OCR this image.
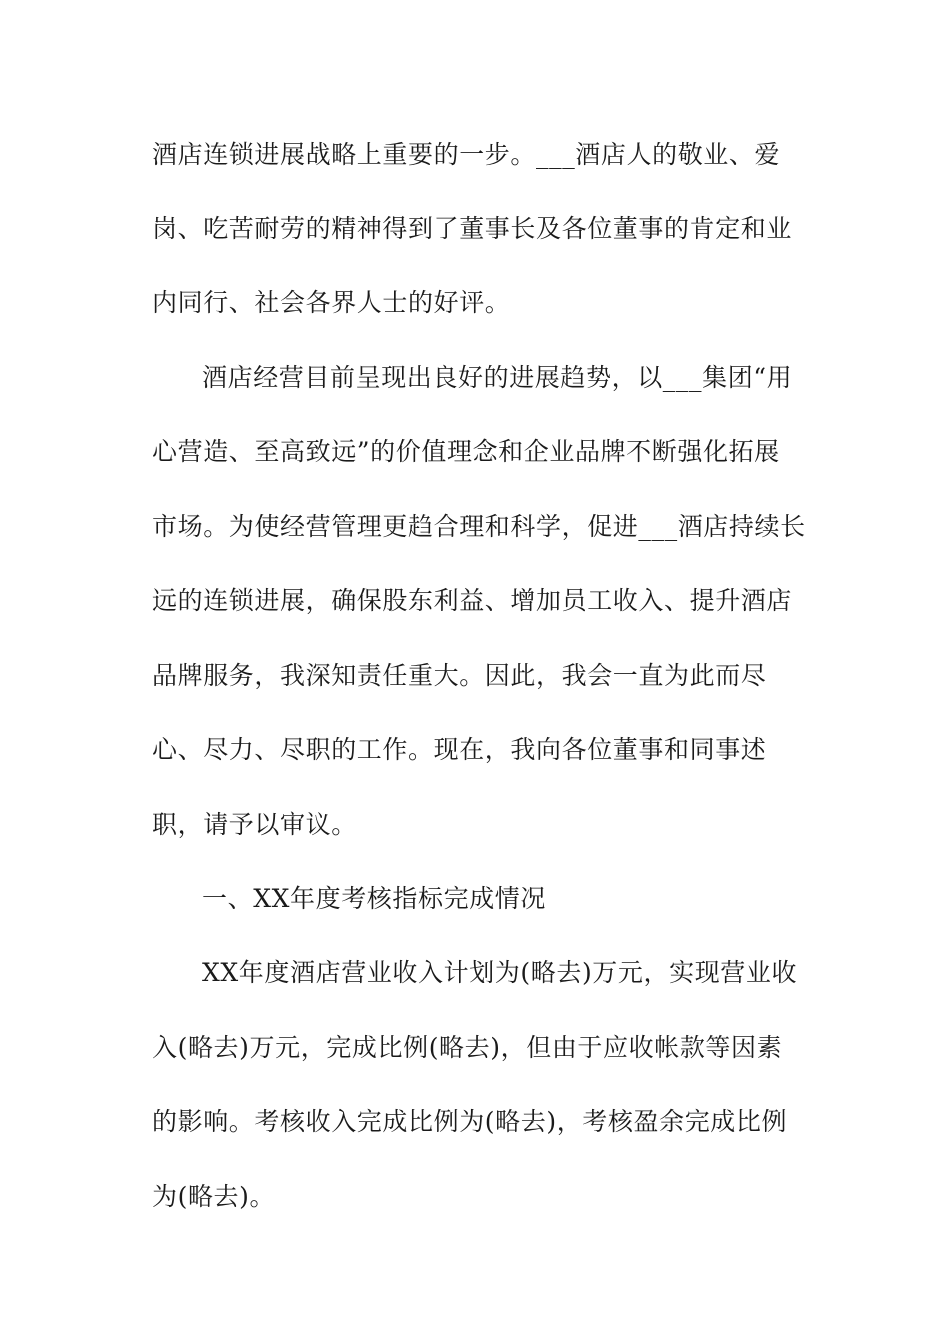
酒店连锁进展战略上重要的一步。___酒店人的敬业、爱
岗、吃苦耐劳的精神得到了董事长及各位董事的肯定和业
内同行、社会各界人士的好评。
酒店经营目前呈现出良好的进展趋势，以___集团“用
心营造、至高致远”的价值理念和企业品牌不断强化拓展
市场。为使经营管理更趋合理和科学，促进___酒店持续长
远的连锁进展，确保股东利益、增加员工收入、提升酒店
品牌服务，我深知责任重大。因此，我会一直为此而尽
心、尽力、尽职的工作。现在，我向各位董事和同事述
职，请予以审议。
一、XX年度考核指标完成情况
XX年度酒店营业收入计划为(略去)万元，实现营业收
入(略去)万元，完成比例(略去)，但由于应收帐款等因素
的影响。考核收入完成比例为(略去)，考核盈余完成比例
为(略去)。
